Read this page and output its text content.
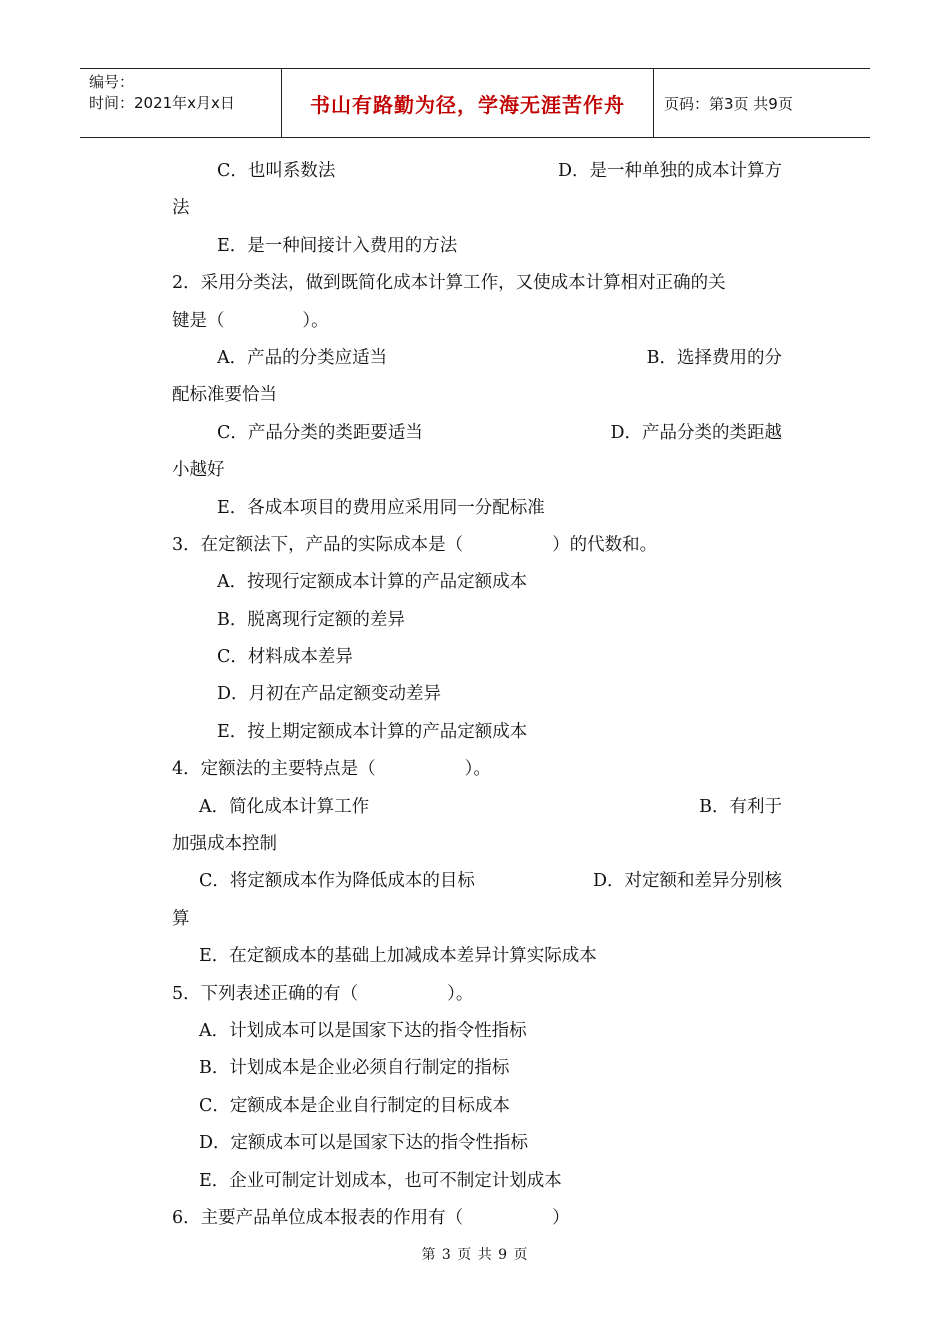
编号：
时间：2021年x月x日	书山有路勤为径，学海无涯苦作舟	页码：第3页 共9页
C．也叫系数法	D．是一种单独的成本计算方
法
E．是一种间接计入费用的方法
2．采用分类法，做到既简化成本计算工作，又使成本计算相对正确的关
键是（              ）。
A．产品的分类应适当	B．选择费用的分
配标准要恰当
C．产品分类的类距要适当	D．产品分类的类距越
小越好
E．各成本项目的费用应采用同一分配标准
3．在定额法下，产品的实际成本是（                ）的代数和。
A．按现行定额成本计算的产品定额成本
B．脱离现行定额的差异
C．材料成本差异
D．月初在产品定额变动差异
E．按上期定额成本计算的产品定额成本
4．定额法的主要特点是（                ）。
A．简化成本计算工作	B．有利于
加强成本控制
C．将定额成本作为降低成本的目标	D．对定额和差异分别核
算
E．在定额成本的基础上加减成本差异计算实际成本
5．下列表述正确的有（                ）。
A．计划成本可以是国家下达的指令性指标
B．计划成本是企业必须自行制定的指标
C．定额成本是企业自行制定的目标成本
D．定额成本可以是国家下达的指令性指标
E．企业可制定计划成本，也可不制定计划成本
6．主要产品单位成本报表的作用有（                ）
第 3 页 共 9 页
